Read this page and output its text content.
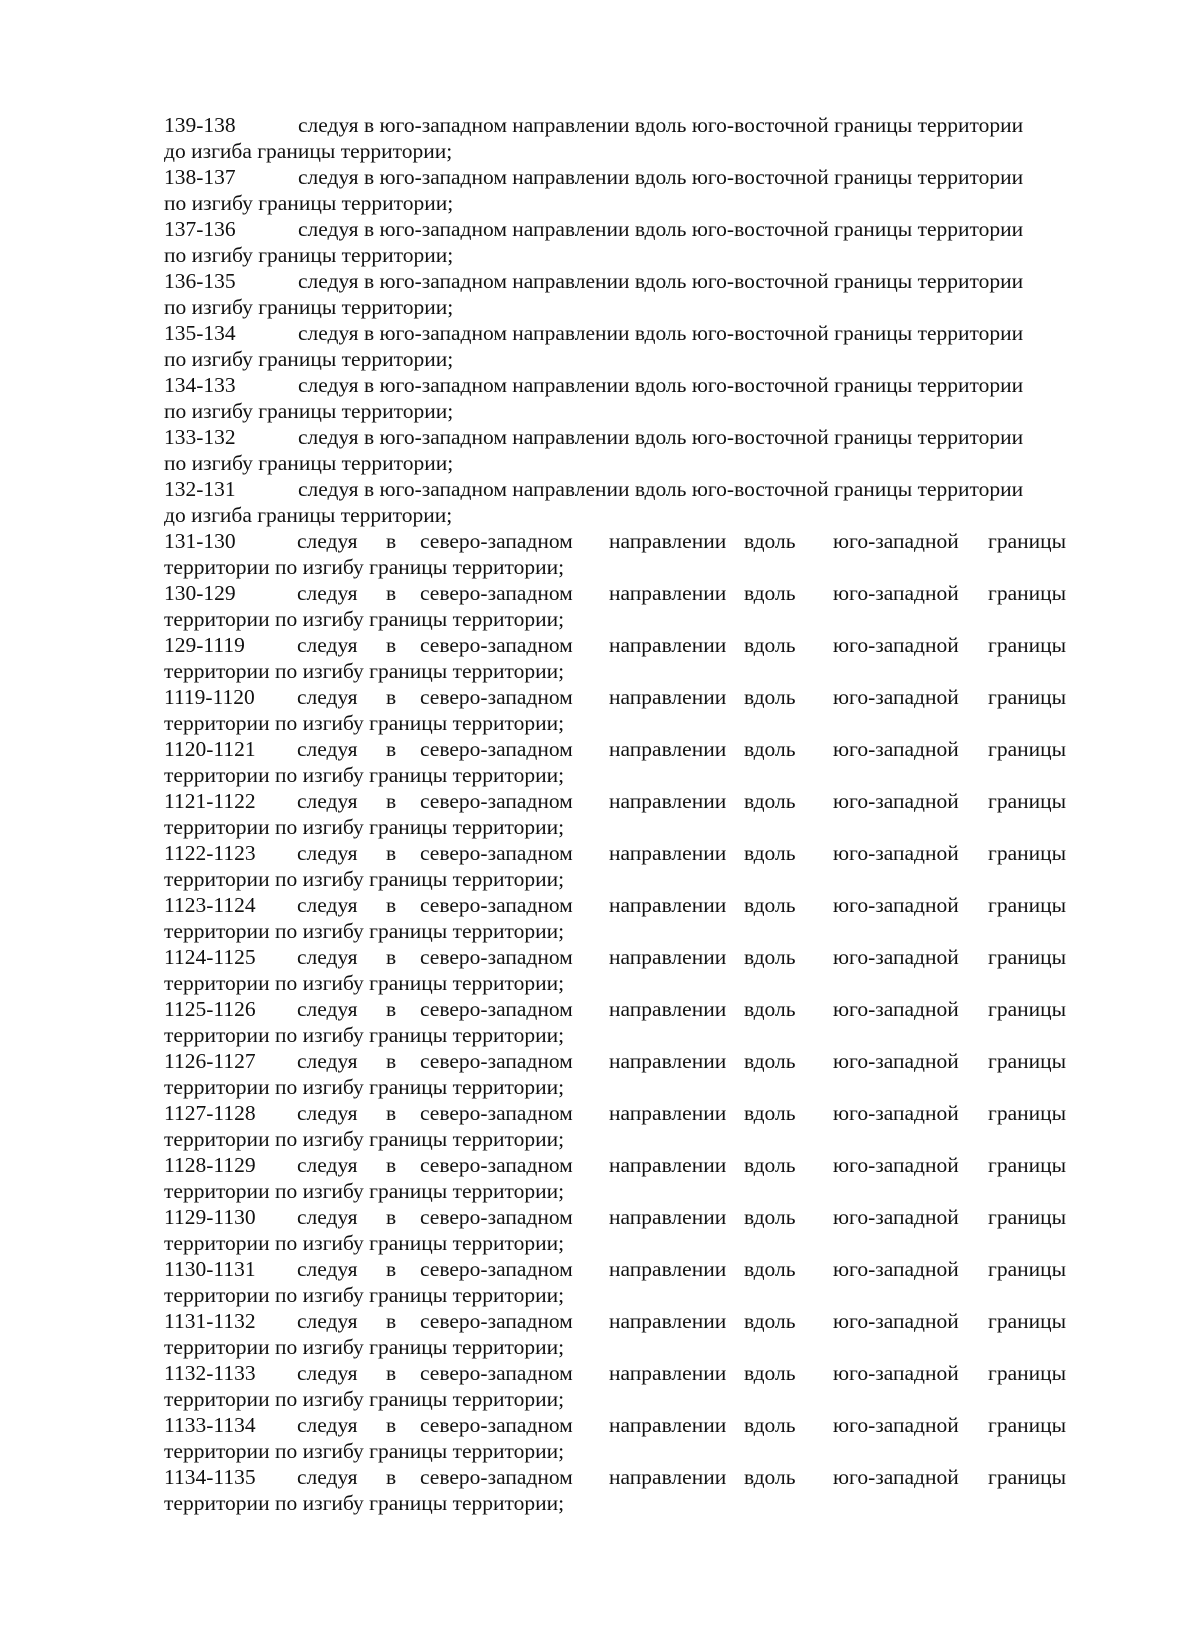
139-138	следуя в юго-западном направлении вдоль юго-восточной границы территории
до изгиба границы территории;
138-137	следуя в юго-западном направлении вдоль юго-восточной границы территории
по изгибу границы территории;
137-136	следуя в юго-западном направлении вдоль юго-восточной границы территории
по изгибу границы территории;
136-135	следуя в юго-западном направлении вдоль юго-восточной границы территории
по изгибу границы территории;
135-134	следуя в юго-западном направлении вдоль юго-восточной границы территории
по изгибу границы территории;
134-133	следуя в юго-западном направлении вдоль юго-восточной границы территории
по изгибу границы территории;
133-132	следуя в юго-западном направлении вдоль юго-восточной границы территории
по изгибу границы территории;
132-131	следуя в юго-западном направлении вдоль юго-восточной границы территории
до изгиба границы территории;
131-130	следуя в северо-западном направлении вдоль юго-западной границы
территории по изгибу границы территории;
130-129	следуя в северо-западном направлении вдоль юго-западной границы
территории по изгибу границы территории;
129-1119 следуя в северо-западном направлении вдоль юго-западной границы
территории по изгибу границы территории;
1119-1120 следуя в северо-западном направлении вдоль юго-западной границы
территории по изгибу границы территории;
1120-1121 следуя в северо-западном направлении вдоль юго-западной границы
территории по изгибу границы территории;
1121-1122 следуя в северо-западном направлении вдоль юго-западной границы
территории по изгибу границы территории;
1122-1123 следуя в северо-западном направлении вдоль юго-западной границы
территории по изгибу границы территории;
1123-1124 следуя в северо-западном направлении вдоль юго-западной границы
территории по изгибу границы территории;
1124-1125 следуя в северо-западном направлении вдоль юго-западной границы
территории по изгибу границы территории;
1125-1126 следуя в северо-западном направлении вдоль юго-западной границы
территории по изгибу границы территории;
1126-1127 следуя в северо-западном направлении вдоль юго-западной границы
территории по изгибу границы территории;
1127-1128 следуя в северо-западном направлении вдоль юго-западной границы
территории по изгибу границы территории;
1128-1129 следуя в северо-западном направлении вдоль юго-западной границы
территории по изгибу границы территории;
1129-1130 следуя в северо-западном направлении вдоль юго-западной границы
территории по изгибу границы территории;
1130-1131 следуя в северо-западном направлении вдоль юго-западной границы
территории по изгибу границы территории;
1131-1132 следуя в северо-западном направлении вдоль юго-западной границы
территории по изгибу границы территории;
1132-1133 следуя в северо-западном направлении вдоль юго-западной границы
территории по изгибу границы территории;
1133-1134 следуя в северо-западном направлении вдоль юго-западной границы
территории по изгибу границы территории;
1134-1135 следуя в северо-западном направлении вдоль юго-западной границы
территории по изгибу границы территории;
